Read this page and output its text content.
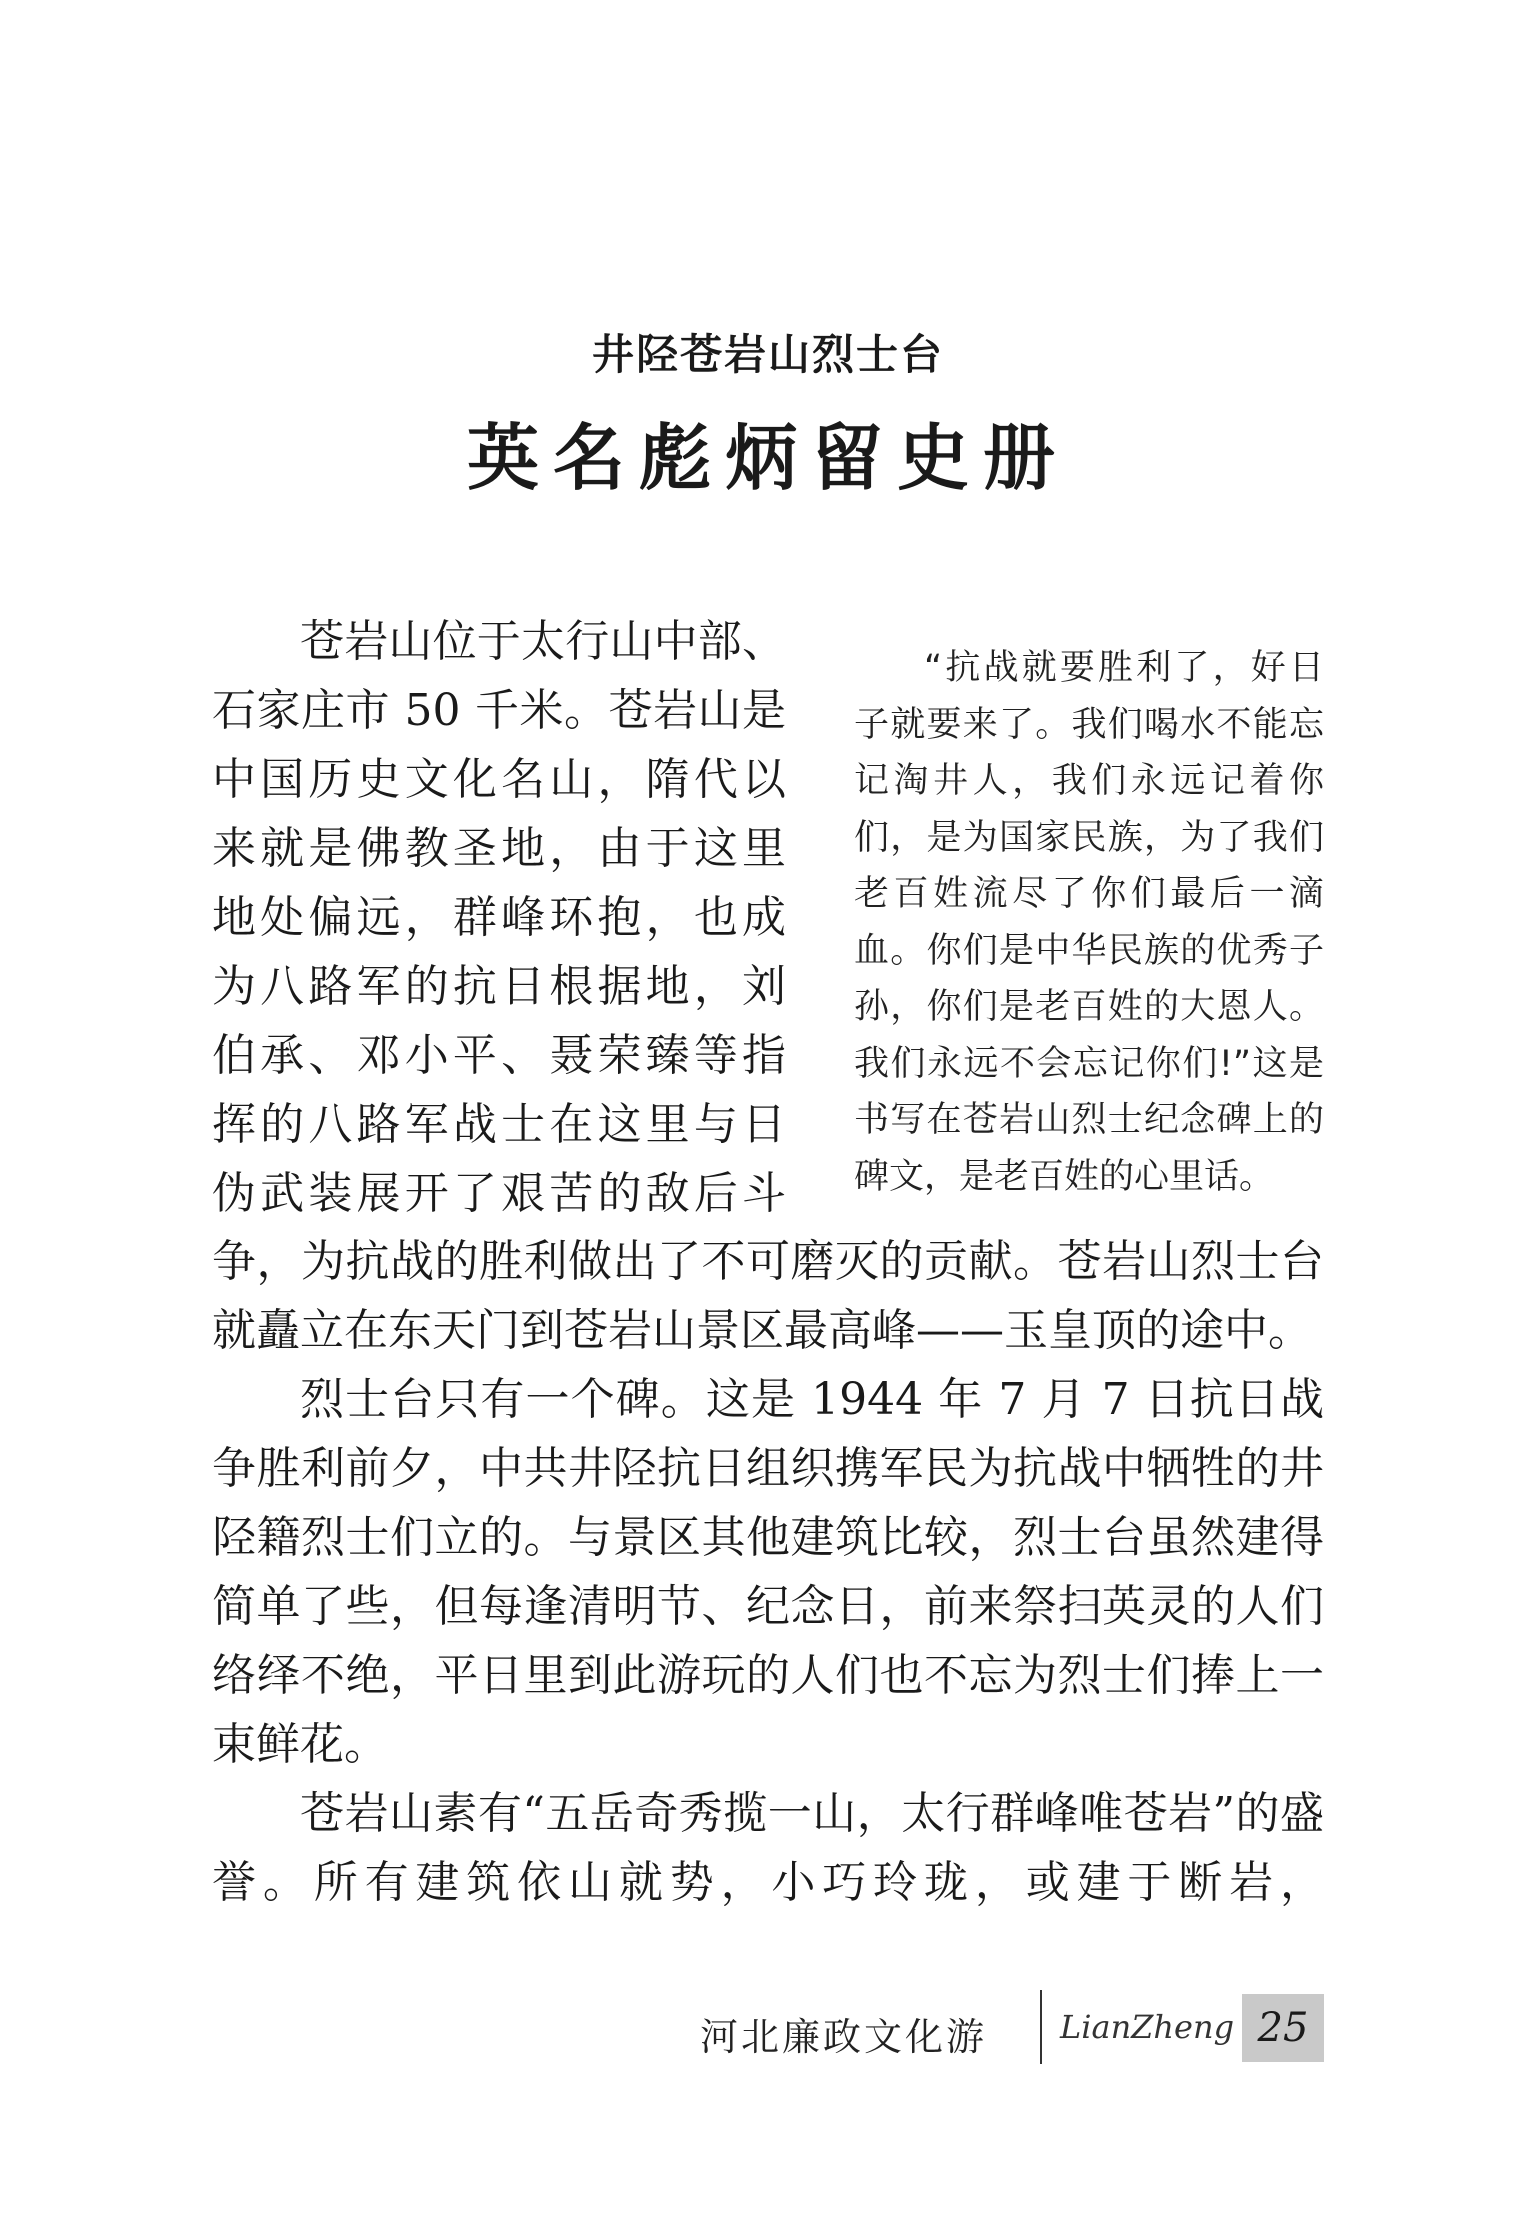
井陉苍岩山烈士台
英名彪炳留史册
苍岩山位于太行山中部、
石家庄市 50 千米。苍岩山是
中国历史文化名山，隋代以
来就是佛教圣地，由于这里
地处偏远，群峰环抱，也成
为八路军的抗日根据地，刘
伯承、邓小平、聂荣臻等指
挥的八路军战士在这里与日
伪武装展开了艰苦的敌后斗
“抗战就要胜利了，好日子就要来了。我们喝水不能忘记淘井人，我们永远记着你们，是为国家民族，为了我们老百姓流尽了你们最后一滴血。你们是中华民族的优秀子孙，你们是老百姓的大恩人。我们永远不会忘记你们!”这是书写在苍岩山烈士纪念碑上的碑文，是老百姓的心里话。

争，为抗战的胜利做出了不可磨灭的贡献。苍岩山烈士台就矗立在东天门到苍岩山景区最高峰——玉皇顶的途中。

烈士台只有一个碑。这是 1944 年 7 月 7 日抗日战争胜利前夕，中共井陉抗日组织携军民为抗战中牺牲的井陉籍烈士们立的。与景区其他建筑比较，烈士台虽然建得简单了些，但每逢清明节、纪念日，前来祭扫英灵的人们络绎不绝，平日里到此游玩的人们也不忘为烈士们捧上一束鲜花。

苍岩山素有“五岳奇秀揽一山，太行群峰唯苍岩”的盛誉。所有建筑依山就势，小巧玲珑，或建于断岩，

河北廉政文化游 LianZheng 25
